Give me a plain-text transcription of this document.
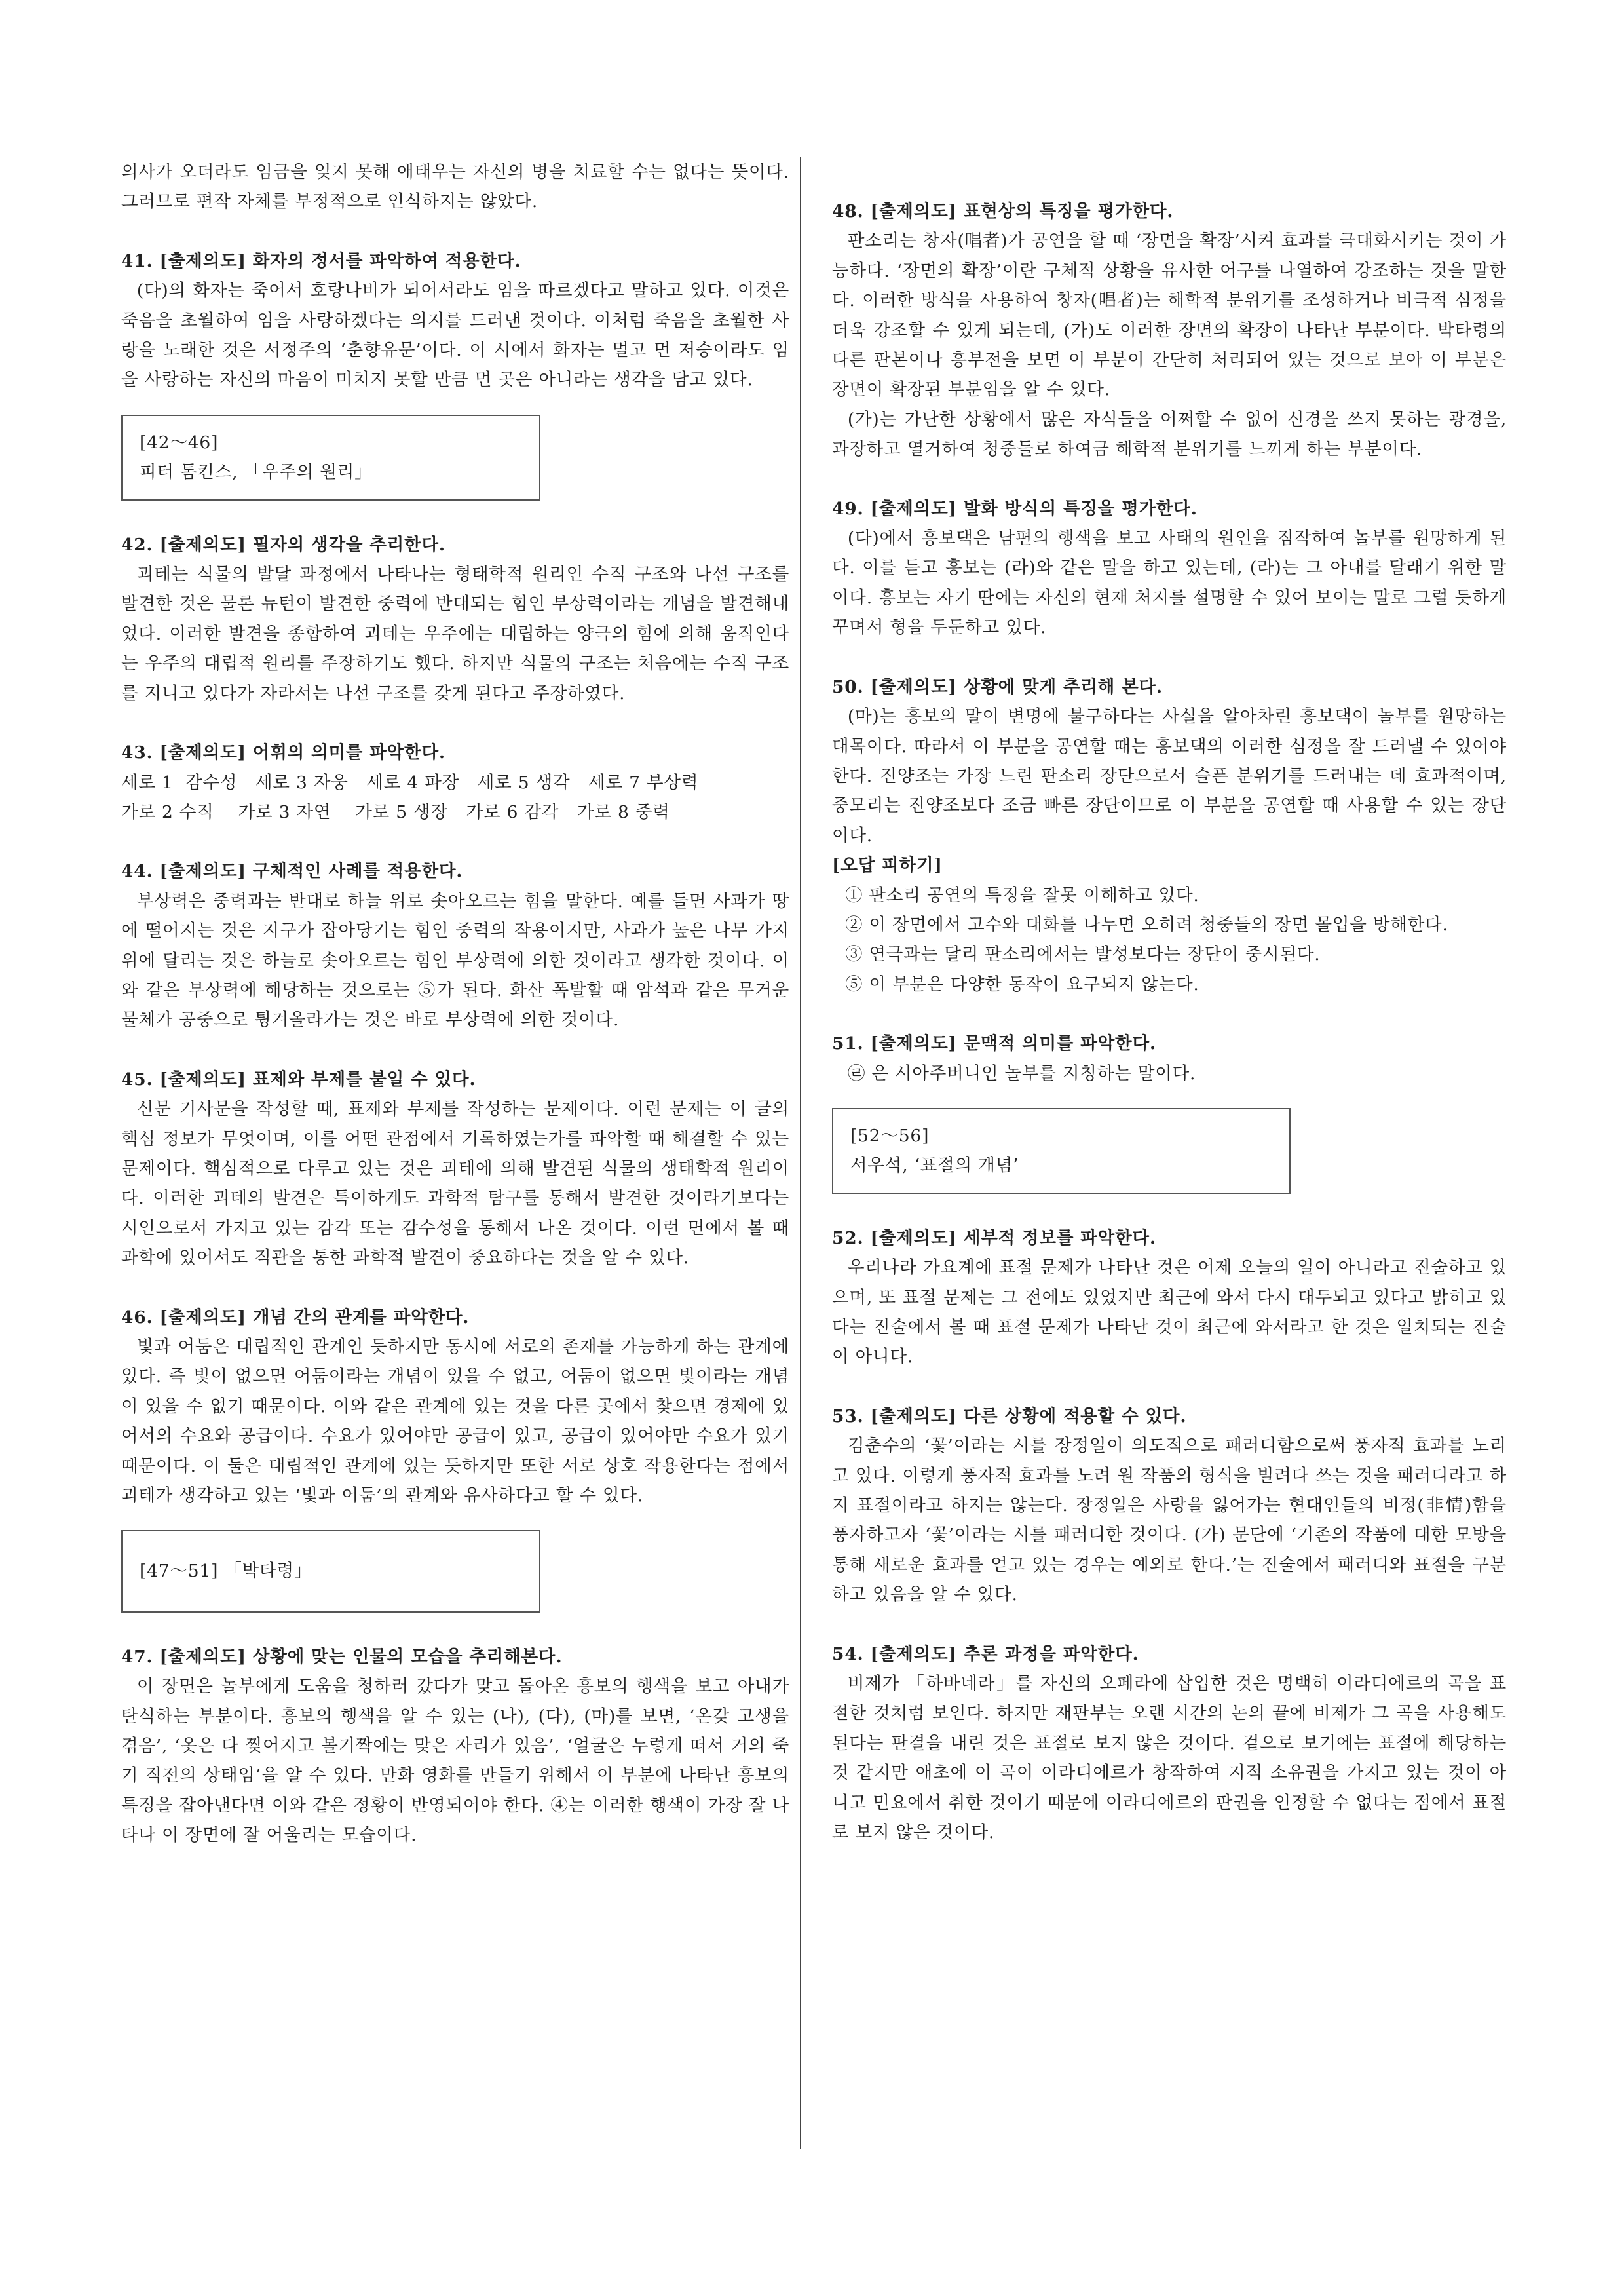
의사가 오더라도 임금을 잊지 못해 애태우는 자신의 병을 치료할 수는 없다는 뜻이다. 그러므로 편작 자체를 부정적으로 인식하지는 않았다.

41. [출제의도] 화자의 정서를 파악하여 적용한다.

(다)의 화자는 죽어서 호랑나비가 되어서라도 임을 따르겠다고 말하고 있다. 이것은 죽음을 초월하여 임을 사랑하겠다는 의지를 드러낸 것이다. 이처럼 죽음을 초월한 사랑을 노래한 것은 서정주의 ‘춘향유문’이다. 이 시에서 화자는 멀고 먼 저승이라도 임을 사랑하는 자신의 마음이 미치지 못할 만큼 먼 곳은 아니라는 생각을 담고 있다.

[42～46]

피터 톰킨스, 「우주의 원리」

42. [출제의도] 필자의 생각을 추리한다.

괴테는 식물의 발달 과정에서 나타나는 형태학적 원리인 수직 구조와 나선 구조를 발견한 것은 물론 뉴턴이 발견한 중력에 반대되는 힘인 부상력이라는 개념을 발견해내었다. 이러한 발견을 종합하여 괴테는 우주에는 대립하는 양극의 힘에 의해 움직인다는 우주의 대립적 원리를 주장하기도 했다. 하지만 식물의 구조는 처음에는 수직 구조를 지니고 있다가 자라서는 나선 구조를 갖게 된다고 주장하였다.

43. [출제의도] 어휘의 의미를 파악한다.

세로 1  감수성   세로 3 자웅   세로 4 파장   세로 5 생각   세로 7 부상력

가로 2 수직    가로 3 자연    가로 5 생장   가로 6 감각   가로 8 중력

44. [출제의도] 구체적인 사례를 적용한다.

부상력은 중력과는 반대로 하늘 위로 솟아오르는 힘을 말한다. 예를 들면 사과가 땅에 떨어지는 것은 지구가 잡아당기는 힘인 중력의 작용이지만, 사과가 높은 나무 가지 위에 달리는 것은 하늘로 솟아오르는 힘인 부상력에 의한 것이라고 생각한 것이다. 이와 같은 부상력에 해당하는 것으로는 ⑤가 된다. 화산 폭발할 때 암석과 같은 무거운 물체가 공중으로 튕겨올라가는 것은 바로 부상력에 의한 것이다.

45. [출제의도] 표제와 부제를 붙일 수 있다.

신문 기사문을 작성할 때, 표제와 부제를 작성하는 문제이다. 이런 문제는 이 글의 핵심 정보가 무엇이며, 이를 어떤 관점에서 기록하였는가를 파악할 때 해결할 수 있는 문제이다. 핵심적으로 다루고 있는 것은 괴테에 의해 발견된 식물의 생태학적 원리이다. 이러한 괴테의 발견은 특이하게도 과학적 탐구를 통해서 발견한 것이라기보다는 시인으로서 가지고 있는 감각 또는 감수성을 통해서 나온 것이다. 이런 면에서 볼 때 과학에 있어서도 직관을 통한 과학적 발견이 중요하다는 것을 알 수 있다.

46. [출제의도] 개념 간의 관계를 파악한다.

빛과 어둠은 대립적인 관계인 듯하지만 동시에 서로의 존재를 가능하게 하는 관계에 있다. 즉 빛이 없으면 어둠이라는 개념이 있을 수 없고, 어둠이 없으면 빛이라는 개념이 있을 수 없기 때문이다. 이와 같은 관계에 있는 것을 다른 곳에서 찾으면 경제에 있어서의 수요와 공급이다. 수요가 있어야만 공급이 있고, 공급이 있어야만 수요가 있기 때문이다. 이 둘은 대립적인 관계에 있는 듯하지만 또한 서로 상호 작용한다는 점에서 괴테가 생각하고 있는 ‘빛과 어둠’의 관계와 유사하다고 할 수 있다.

[47～51] 「박타령」

47. [출제의도] 상황에 맞는 인물의 모습을 추리해본다.

이 장면은 놀부에게 도움을 청하러 갔다가 맞고 돌아온 흥보의 행색을 보고 아내가 탄식하는 부분이다. 흥보의 행색을 알 수 있는 (나), (다), (마)를 보면, ‘온갖 고생을 겪음’, ‘옷은 다 찢어지고 볼기짝에는 맞은 자리가 있음’, ‘얼굴은 누렇게 떠서 거의 죽기 직전의 상태임’을 알 수 있다. 만화 영화를 만들기 위해서 이 부분에 나타난 흥보의 특징을 잡아낸다면 이와 같은 정황이 반영되어야 한다. ④는 이러한 행색이 가장 잘 나타나 이 장면에 잘 어울리는 모습이다.

48. [출제의도] 표현상의 특징을 평가한다.

판소리는 창자(唱者)가 공연을 할 때 ‘장면을 확장’시켜 효과를 극대화시키는 것이 가능하다. ‘장면의 확장’이란 구체적 상황을 유사한 어구를 나열하여 강조하는 것을 말한다. 이러한 방식을 사용하여 창자(唱者)는 해학적 분위기를 조성하거나 비극적 심정을 더욱 강조할 수 있게 되는데, (가)도 이러한 장면의 확장이 나타난 부분이다. 박타령의 다른 판본이나 흥부전을 보면 이 부분이 간단히 처리되어 있는 것으로 보아 이 부분은 장면이 확장된 부분임을 알 수 있다.

(가)는 가난한 상황에서 많은 자식들을 어쩌할 수 없어 신경을 쓰지 못하는 광경을, 과장하고 열거하여 청중들로 하여금 해학적 분위기를 느끼게 하는 부분이다.

49. [출제의도] 발화 방식의 특징을 평가한다.

(다)에서 흥보댁은 남편의 행색을 보고 사태의 원인을 짐작하여 놀부를 원망하게 된다. 이를 듣고 흥보는 (라)와 같은 말을 하고 있는데, (라)는 그 아내를 달래기 위한 말이다. 흥보는 자기 딴에는 자신의 현재 처지를 설명할 수 있어 보이는 말로 그럴 듯하게 꾸며서 형을 두둔하고 있다.

50. [출제의도] 상황에 맞게 추리해 본다.

(마)는 흥보의 말이 변명에 불구하다는 사실을 알아차린 흥보댁이 놀부를 원망하는 대목이다. 따라서 이 부분을 공연할 때는 흥보댁의 이러한 심정을 잘 드러낼 수 있어야 한다. 진양조는 가장 느린 판소리 장단으로서 슬픈 분위기를 드러내는 데 효과적이며, 중모리는 진양조보다 조금 빠른 장단이므로 이 부분을 공연할 때 사용할 수 있는 장단이다.

[오답 피하기]

① 판소리 공연의 특징을 잘못 이해하고 있다.

② 이 장면에서 고수와 대화를 나누면 오히려 청중들의 장면 몰입을 방해한다.

③ 연극과는 달리 판소리에서는 발성보다는 장단이 중시된다.

⑤ 이 부분은 다양한 동작이 요구되지 않는다.

51. [출제의도] 문맥적 의미를 파악한다.

㉣ 은 시아주버니인 놀부를 지칭하는 말이다.

[52～56]

서우석, ‘표절의 개념’

52. [출제의도] 세부적 정보를 파악한다.

우리나라 가요계에 표절 문제가 나타난 것은 어제 오늘의 일이 아니라고 진술하고 있으며, 또 표절 문제는 그 전에도 있었지만 최근에 와서 다시 대두되고 있다고 밝히고 있다는 진술에서 볼 때 표절 문제가 나타난 것이 최근에 와서라고 한 것은 일치되는 진술이 아니다.

53. [출제의도] 다른 상황에 적용할 수 있다.

김춘수의 ‘꽃’이라는 시를 장정일이 의도적으로 패러디함으로써 풍자적 효과를 노리고 있다. 이렇게 풍자적 효과를 노려 원 작품의 형식을 빌려다 쓰는 것을 패러디라고 하지 표절이라고 하지는 않는다. 장정일은 사랑을 잃어가는 현대인들의 비정(非情)함을 풍자하고자 ‘꽃’이라는 시를 패러디한 것이다. (가) 문단에 ‘기존의 작품에 대한 모방을 통해 새로운 효과를 얻고 있는 경우는 예외로 한다.’는 진술에서 패러디와 표절을 구분하고 있음을 알 수 있다.

54. [출제의도] 추론 과정을 파악한다.

비제가 「하바네라」를 자신의 오페라에 삽입한 것은 명백히 이라디에르의 곡을 표절한 것처럼 보인다. 하지만 재판부는 오랜 시간의 논의 끝에 비제가 그 곡을 사용해도 된다는 판결을 내린 것은 표절로 보지 않은 것이다. 겉으로 보기에는 표절에 해당하는 것 같지만 애초에 이 곡이 이라디에르가 창작하여 지적 소유권을 가지고 있는 것이 아니고 민요에서 취한 것이기 때문에 이라디에르의 판권을 인정할 수 없다는 점에서 표절로 보지 않은 것이다.
